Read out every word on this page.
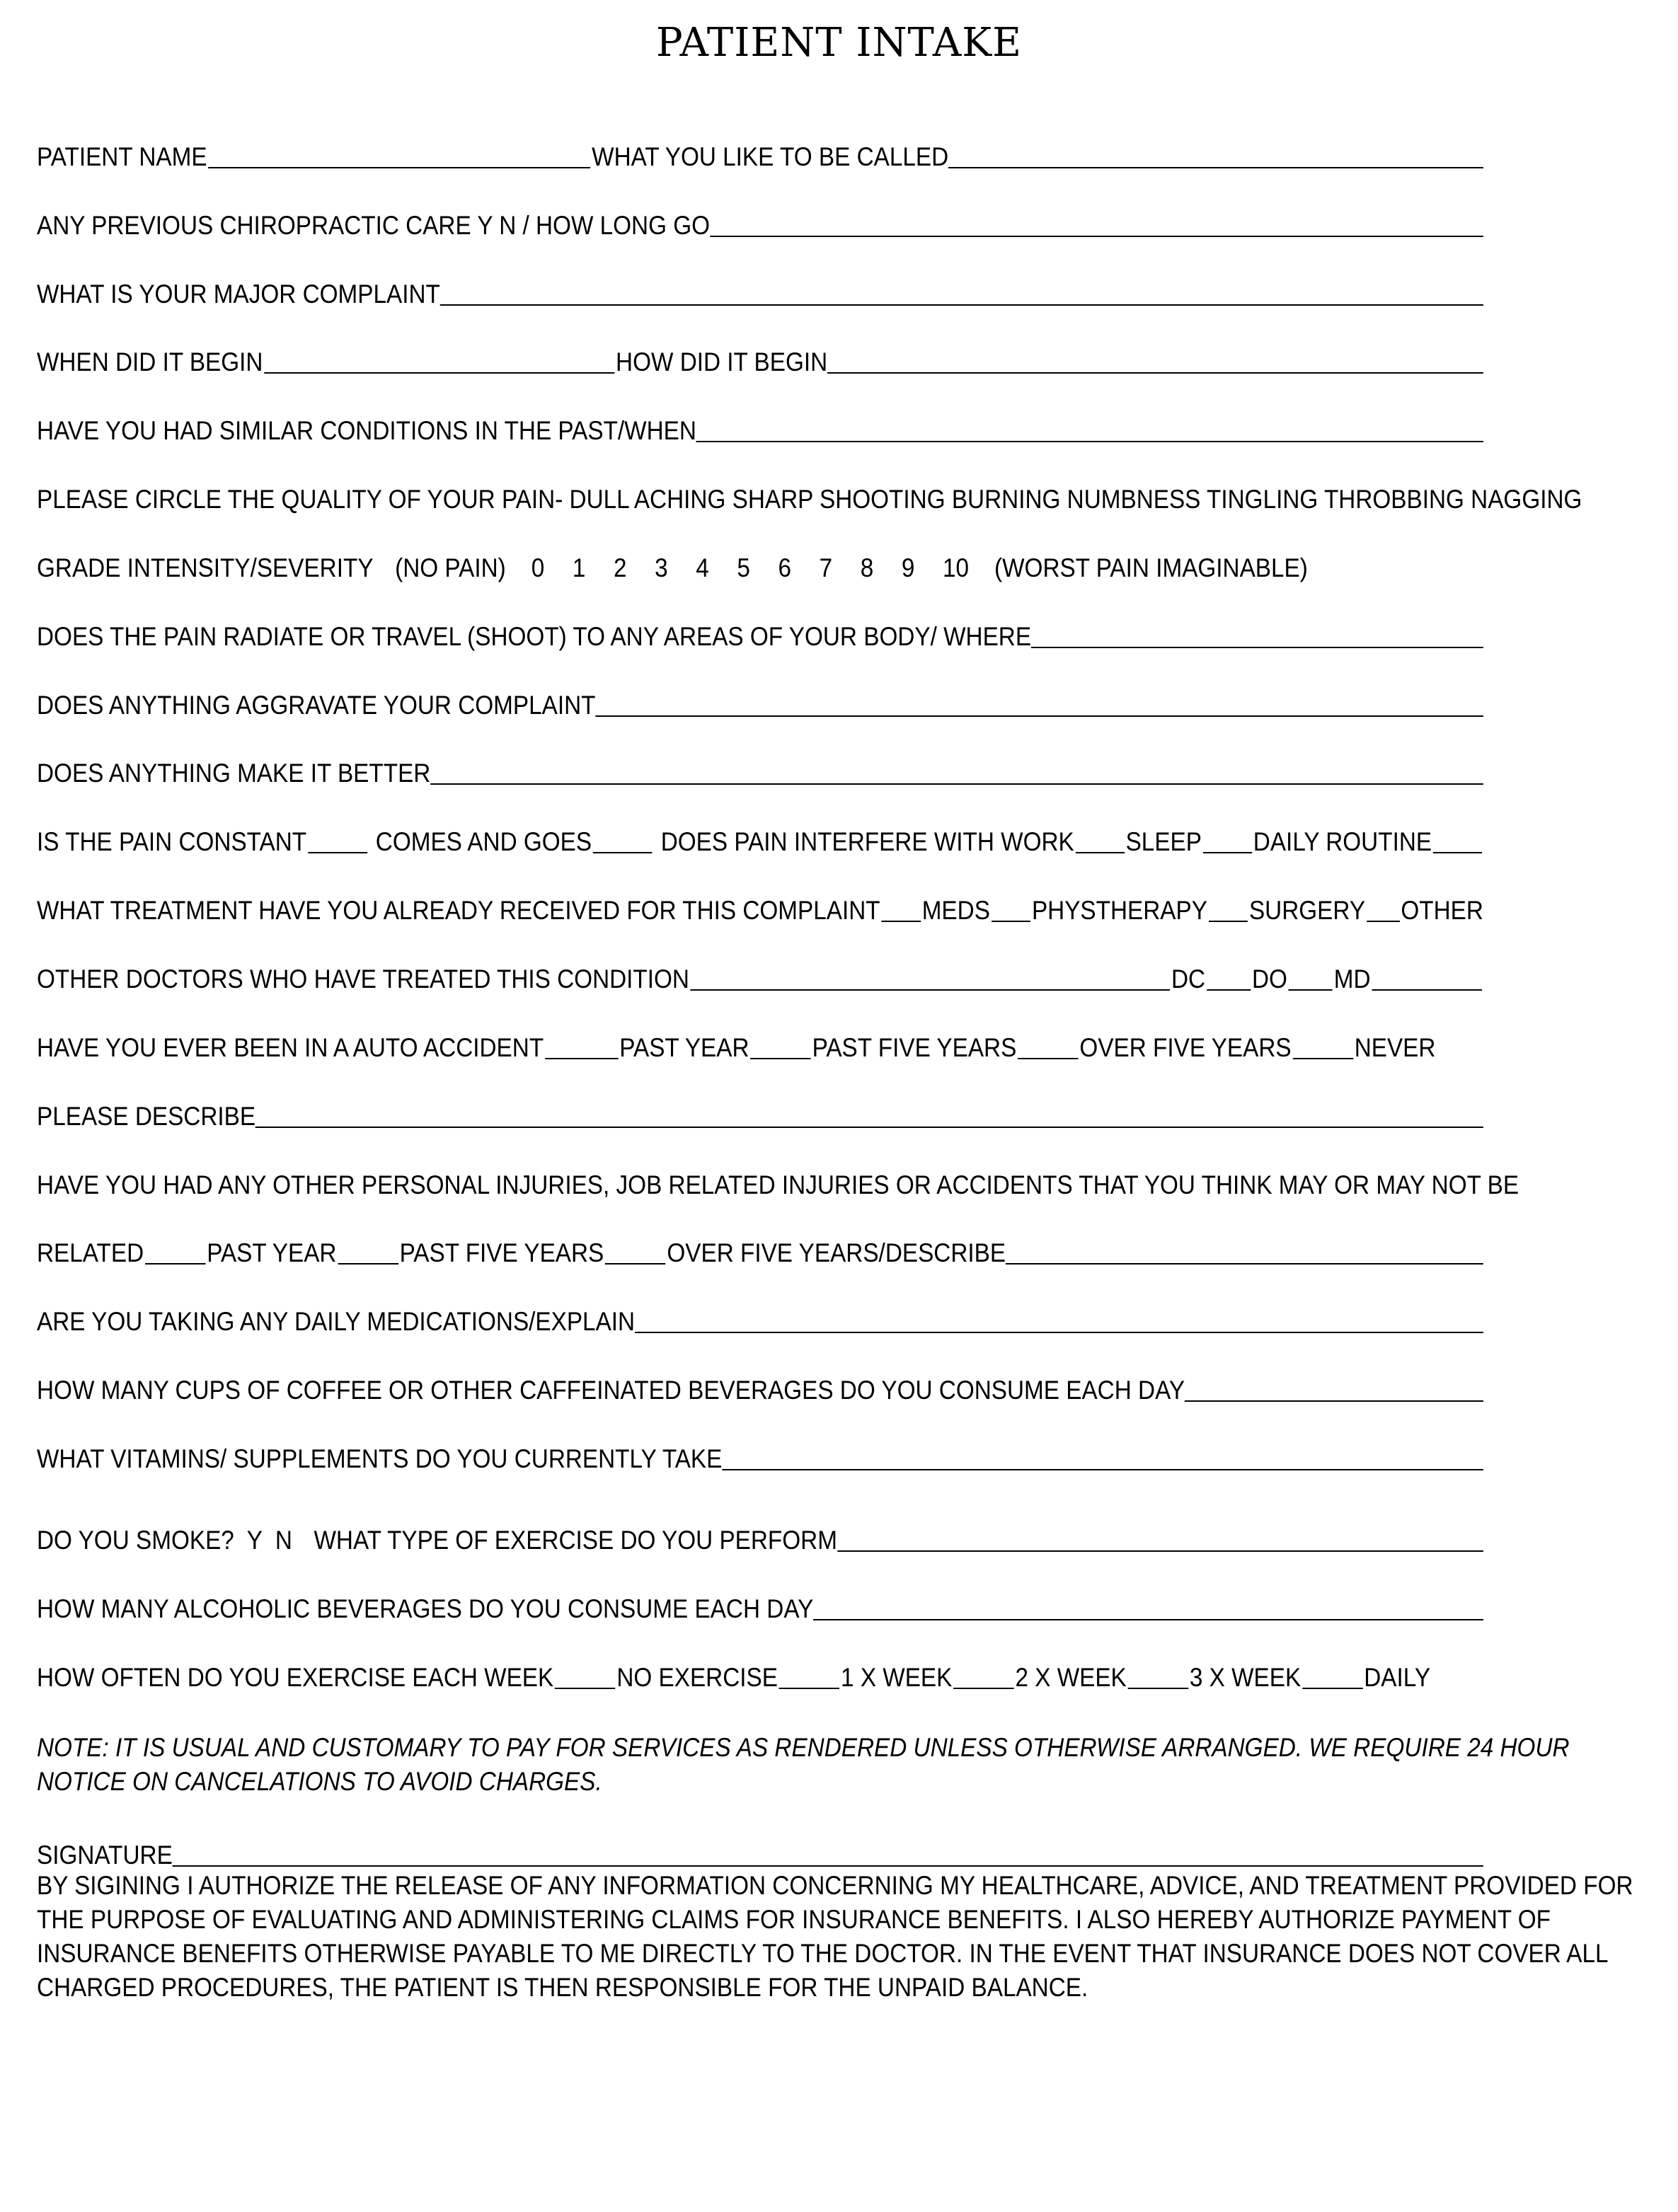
PATIENT INTAKE
PATIENT NAME	WHAT YOU LIKE TO BE CALLED
ANY PREVIOUS CHIROPRACTIC CARE Y N / HOW LONG GO
WHAT IS YOUR MAJOR COMPLAINT
WHEN DID IT BEGIN	HOW DID IT BEGIN
HAVE YOU HAD SIMILAR CONDITIONS IN THE PAST/WHEN
PLEASE CIRCLE THE QUALITY OF YOUR PAIN- DULL ACHING SHARP SHOOTING BURNING NUMBNESS TINGLING THROBBING NAGGING
GRADE INTENSITY/SEVERITY (NO PAIN) 0 1 2 3 4 5 6 7 8 9 10 (WORST PAIN IMAGINABLE)
DOES THE PAIN RADIATE OR TRAVEL (SHOOT) TO ANY AREAS OF YOUR BODY/ WHERE
DOES ANYTHING AGGRAVATE YOUR COMPLAINT
DOES ANYTHING MAKE IT BETTER
IS THE PAIN CONSTANT	COMES AND GOES	DOES PAIN INTERFERE WITH WORK SLEEP DAILY ROUTINE
WHAT TREATMENT HAVE YOU ALREADY RECEIVED FOR THIS COMPLAINT MEDS PHYSTHERAPY SURGERY OTHER
OTHER DOCTORS WHO HAVE TREATED THIS CONDITION	DC DO MD
HAVE YOU EVER BEEN IN A AUTO ACCIDENT	PAST YEAR PAST FIVE YEARS OVER FIVE YEARS NEVER
PLEASE DESCRIBE
HAVE YOU HAD ANY OTHER PERSONAL INJURIES, JOB RELATED INJURIES OR ACCIDENTS THAT YOU THINK MAY OR MAY NOT BE
RELATED PAST YEAR PAST FIVE YEARS OVER FIVE YEARS/DESCRIBE
ARE YOU TAKING ANY DAILY MEDICATIONS/EXPLAIN
HOW MANY CUPS OF COFFEE OR OTHER CAFFEINATED BEVERAGES DO YOU CONSUME EACH DAY
WHAT VITAMINS/ SUPPLEMENTS DO YOU CURRENTLY TAKE
DO YOU SMOKE?  Y  N WHAT TYPE OF EXERCISE DO YOU PERFORM
HOW MANY ALCOHOLIC BEVERAGES DO YOU CONSUME EACH DAY
HOW OFTEN DO YOU EXERCISE EACH WEEK NO EXERCISE 1 X WEEK 2 X WEEK 3 X WEEK DAILY
NOTE: IT IS USUAL AND CUSTOMARY TO PAY FOR SERVICES AS RENDERED UNLESS OTHERWISE ARRANGED. WE REQUIRE 24 HOUR NOTICE ON CANCELATIONS TO AVOID CHARGES.
SIGNATURE
BY SIGINING I AUTHORIZE THE RELEASE OF ANY INFORMATION CONCERNING MY HEALTHCARE, ADVICE, AND TREATMENT PROVIDED FOR THE PURPOSE OF EVALUATING AND ADMINISTERING CLAIMS FOR INSURANCE BENEFITS. I ALSO HEREBY AUTHORIZE PAYMENT OF INSURANCE BENEFITS OTHERWISE PAYABLE TO ME DIRECTLY TO THE DOCTOR. IN THE EVENT THAT INSURANCE DOES NOT COVER ALL CHARGED PROCEDURES, THE PATIENT IS THEN RESPONSIBLE FOR THE UNPAID BALANCE.
